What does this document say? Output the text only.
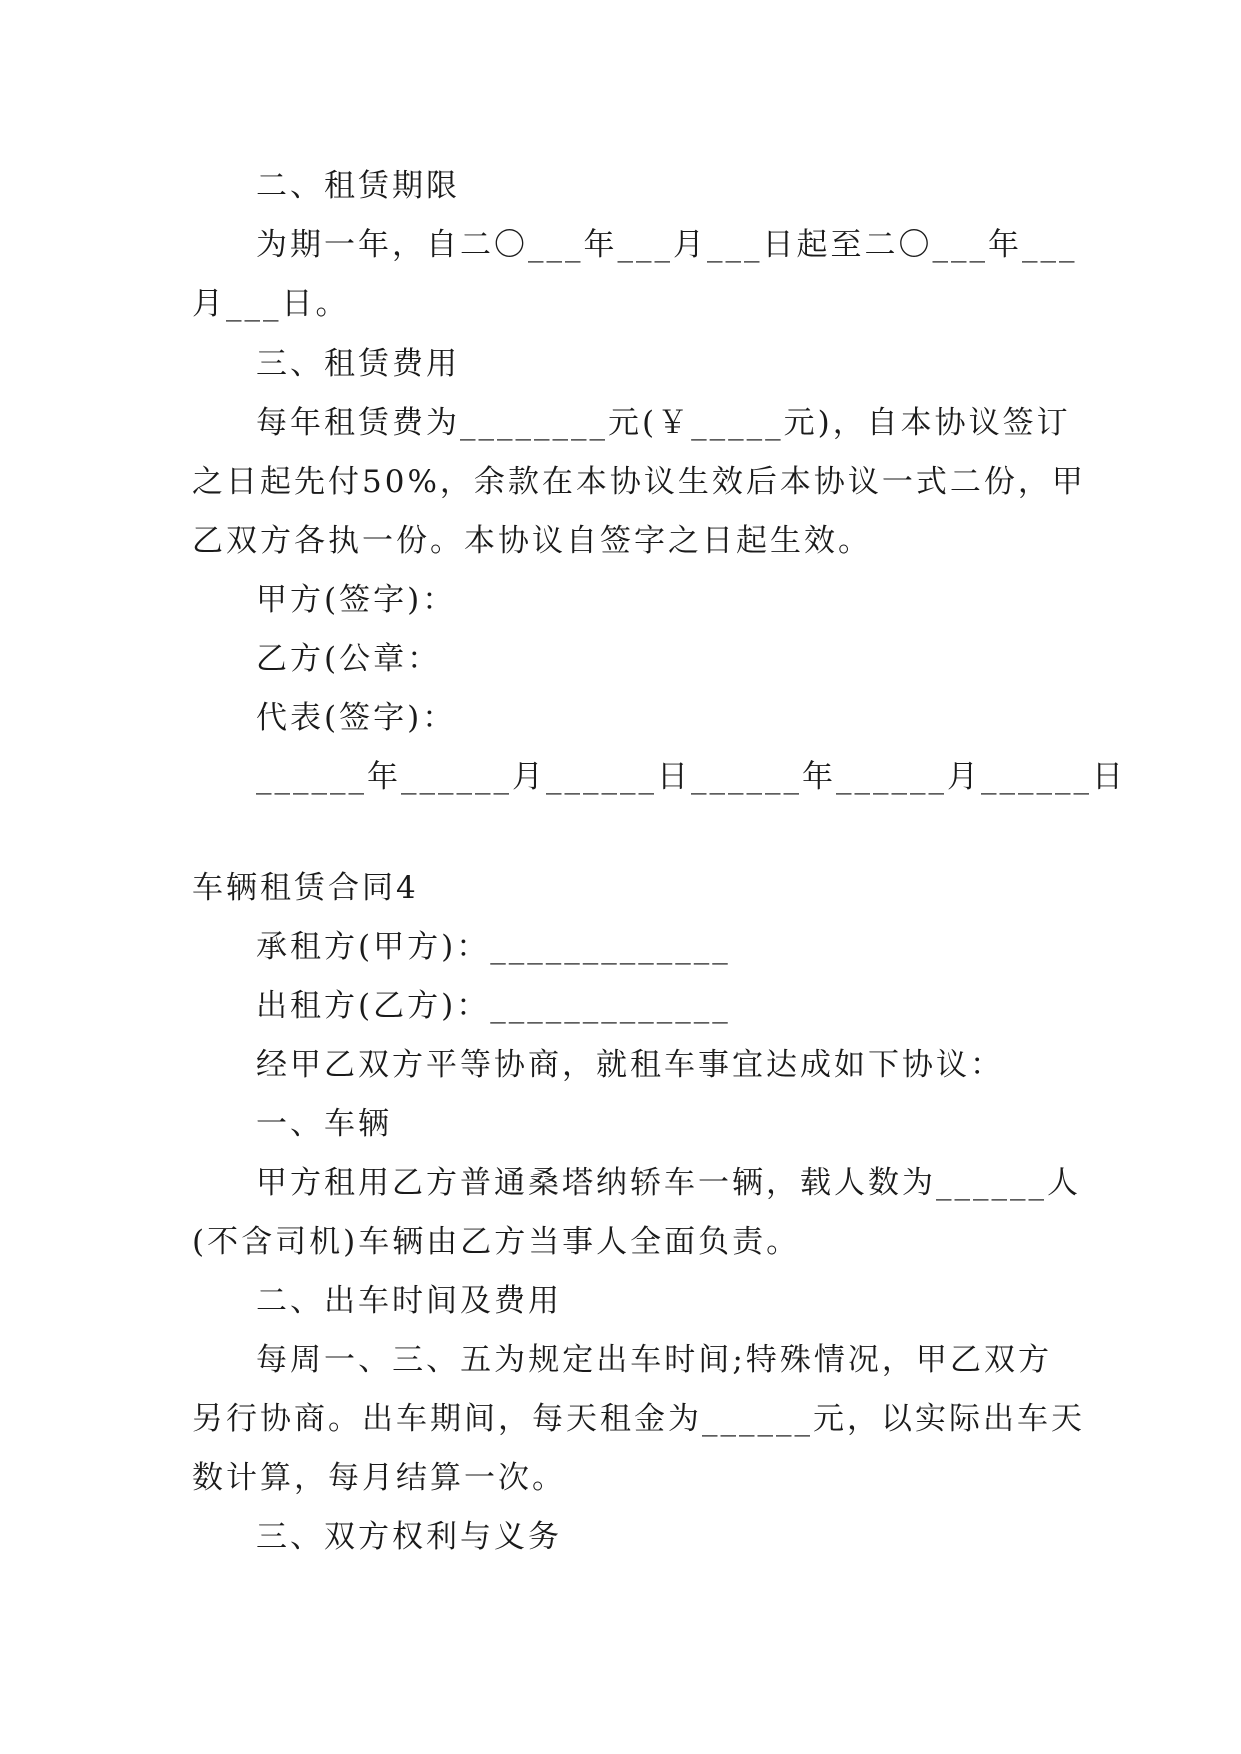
二、租赁期限
为期一年，自二〇___年___月___日起至二〇___年___
月___日。
三、租赁费用
每年租赁费为________元(￥_____元)，自本协议签订
之日起先付50%，余款在本协议生效后本协议一式二份，甲
乙双方各执一份。本协议自签字之日起生效。
甲方(签字)：
乙方(公章：
代表(签字)：
______年______月______日______年______月______日
车辆租赁合同4
承租方(甲方)：_____________
出租方(乙方)：_____________
经甲乙双方平等协商，就租车事宜达成如下协议：
一、车辆
甲方租用乙方普通桑塔纳轿车一辆，载人数为______人
(不含司机)车辆由乙方当事人全面负责。
二、出车时间及费用
每周一、三、五为规定出车时间;特殊情况，甲乙双方
另行协商。出车期间，每天租金为______元，以实际出车天
数计算，每月结算一次。
三、双方权利与义务
